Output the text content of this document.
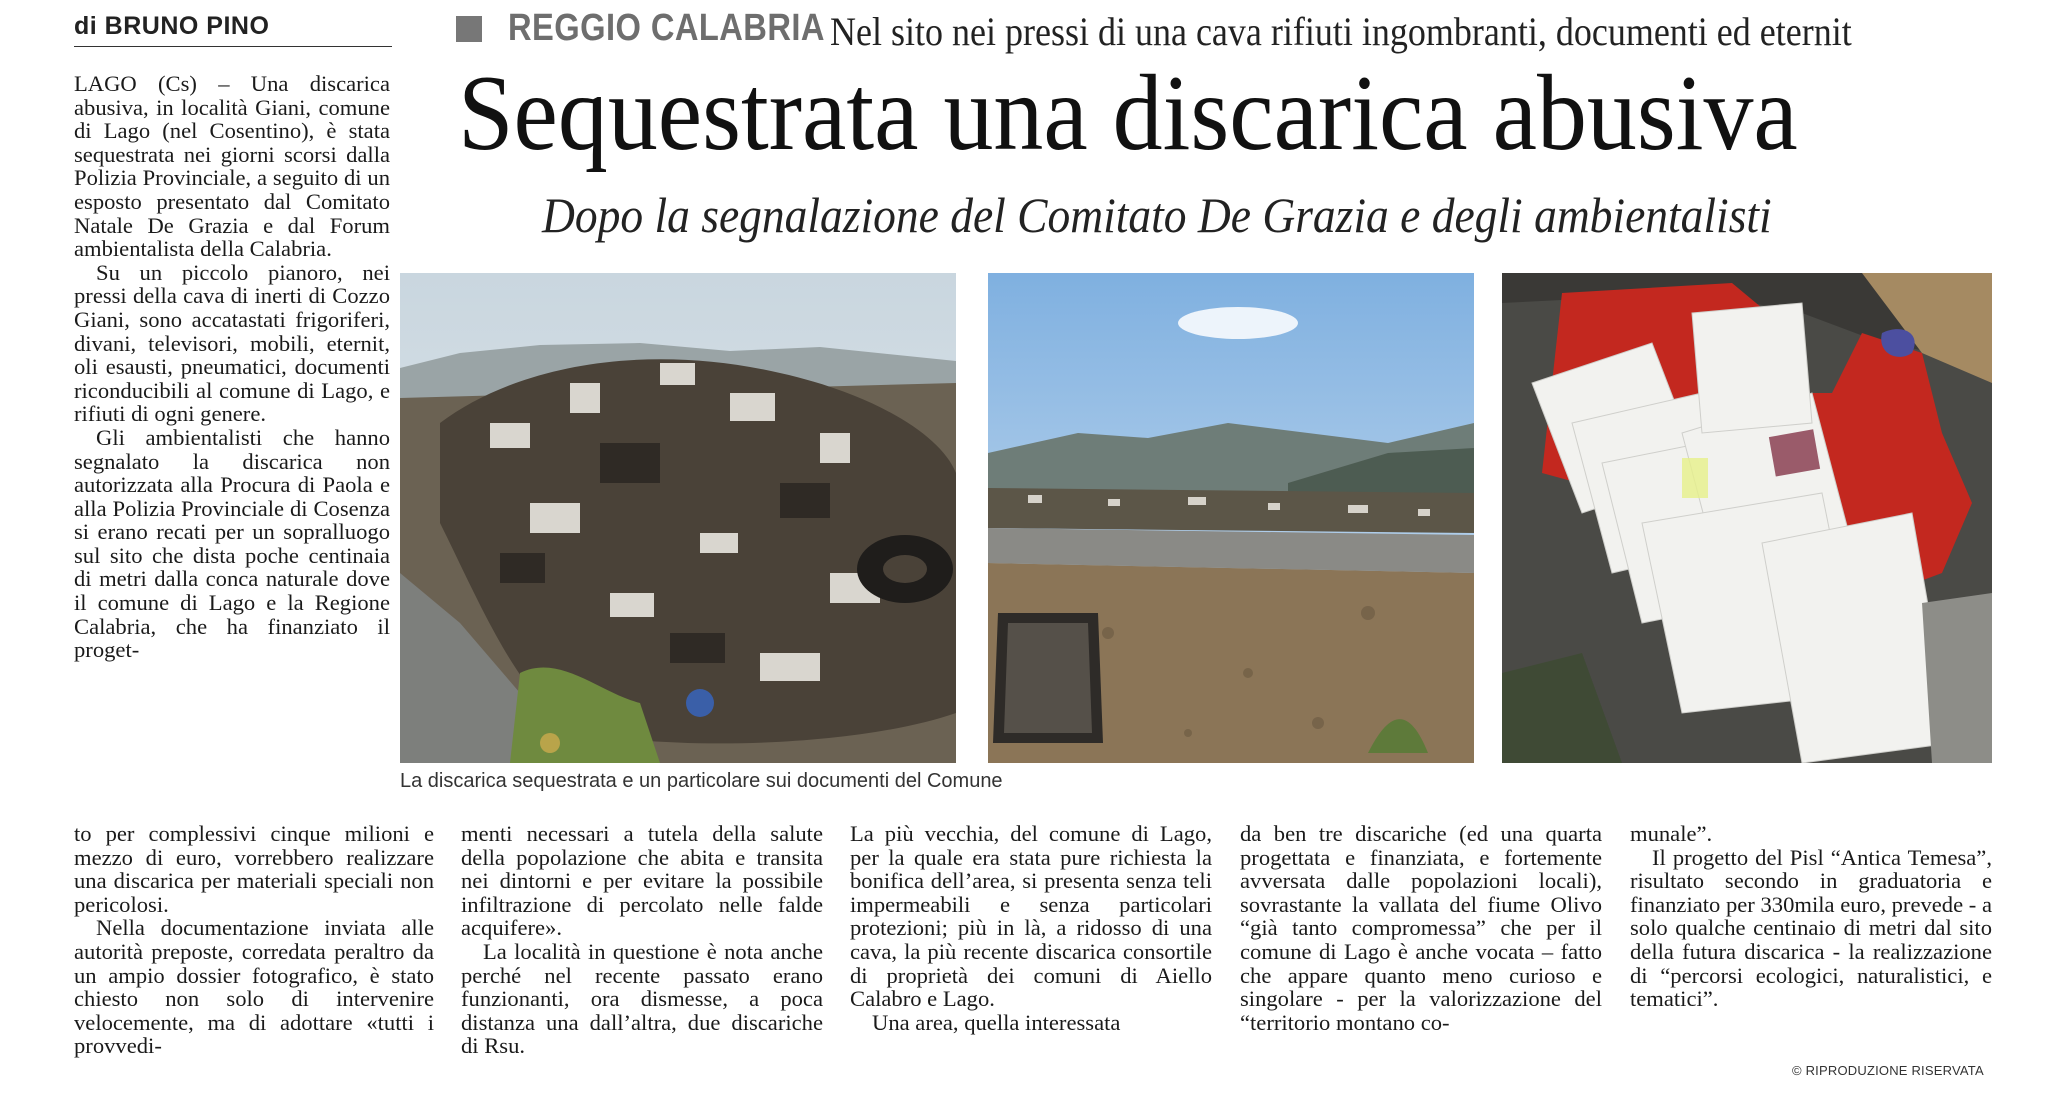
di BRUNO PINO	REGGIO CALABRIA Nel sito nei pressi di una cava rifiuti ingombranti, documenti ed eternit
Sequestrata una discarica abusiva
Dopo la segnalazione del Comitato De Grazia e degli ambientalisti
La discarica sequestrata e un particolare sui documenti del Comune

LAGO (Cs) – Una discarica abusiva, in località Giani, comune di Lago (nel Cosentino), è stata sequestrata nei giorni scorsi dalla Polizia Provinciale, a seguito di un esposto presentato dal Comitato Natale De Grazia e dal Forum ambientalista della Calabria.

Su un piccolo pianoro, nei pressi della cava di inerti di Cozzo Giani, sono accatastati frigoriferi, divani, televisori, mobili, eternit, oli esausti, pneumatici, documenti riconducibili al comune di Lago, e rifiuti di ogni genere.

Gli ambientalisti che hanno segnalato la discarica non autorizzata alla Procura di Paola e alla Polizia Provinciale di Cosenza si erano recati per un sopralluogo sul sito che dista poche centinaia di metri dalla conca naturale dove il comune di Lago e la Regione Calabria, che ha finanziato il proget-

to per complessivi cinque milioni e mezzo di euro, vorrebbero realizzare una discarica per materiali speciali non pericolosi.

Nella documentazione inviata alle autorità preposte, corredata peraltro da un ampio dossier fotografico, è stato chiesto non solo di intervenire velocemente, ma di adottare «tutti i provvedi-

menti necessari a tutela della salute della popolazione che abita e transita nei dintorni e per evitare la possibile infiltrazione di percolato nelle falde acquifere».

La località in questione è nota anche perché nel recente passato erano funzionanti, ora dismesse, a poca distanza una dall’altra, due discariche di Rsu.

La più vecchia, del comune di Lago, per la quale era stata pure richiesta la bonifica dell’area, si presenta senza teli impermeabili e senza particolari protezioni; più in là, a ridosso di una cava, la più recente discarica consortile di proprietà dei comuni di Aiello Calabro e Lago.

Una area, quella interessata

da ben tre discariche (ed una quarta progettata e finanziata, e fortemente avversata dalle popolazioni locali), sovrastante la vallata del fiume Olivo “già tanto compromessa” che per il comune di Lago è anche vocata – fatto che appare quanto meno curioso e singolare - per la valorizzazione del “territorio montano co-

munale”.

Il progetto del Pisl “Antica Temesa”, risultato secondo in graduatoria e finanziato per 330mila euro, prevede - a solo qualche centinaio di metri dal sito della futura discarica - la realizzazione di “percorsi ecologici, naturalistici, e tematici”.

© RIPRODUZIONE RISERVATA
